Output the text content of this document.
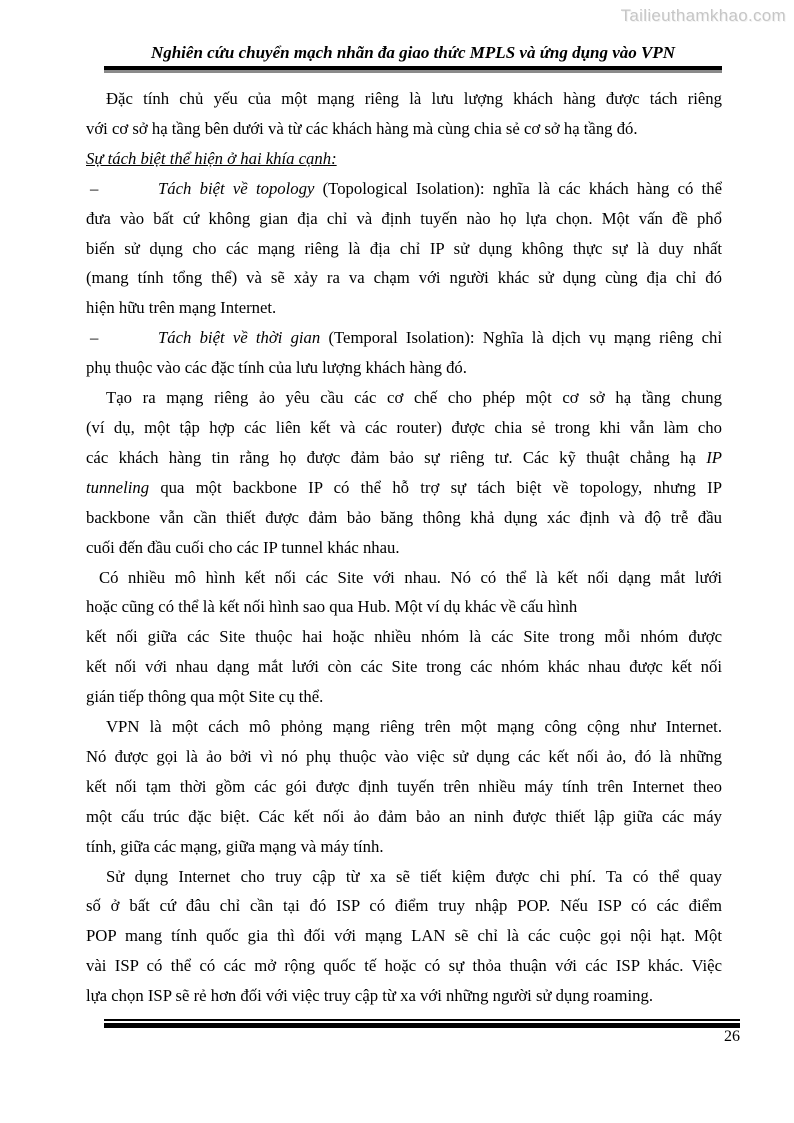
Tailieuthamkhao.com
Nghiên cứu chuyển mạch nhãn đa giao thức MPLS và ứng dụng vào VPN
Đặc tính chủ yếu của một mạng riêng là lưu lượng khách hàng được tách riêng
với cơ sở hạ tầng bên dưới và từ các khách hàng mà cùng chia sẻ cơ sở hạ tầng đó.
Sự tách biệt thể hiện ở hai khía cạnh:
–	Tách biệt về topology (Topological Isolation): nghĩa là các khách hàng có thể
đưa vào bất cứ không gian địa chỉ và định tuyến nào họ lựa chọn. Một vấn đề phổ
biến sử dụng cho các mạng riêng là địa chỉ IP sử dụng không thực sự là duy nhất
(mang tính tổng thể) và sẽ xảy ra va chạm với người khác sử dụng cùng địa chỉ đó
hiện hữu trên mạng Internet.
–	Tách biệt về thời gian (Temporal Isolation): Nghĩa là dịch vụ mạng riêng chỉ
phụ thuộc vào các đặc tính của lưu lượng khách hàng đó.
Tạo ra mạng riêng ảo yêu cầu các cơ chế cho phép một cơ sở hạ tầng chung
(ví dụ, một tập hợp các liên kết và các router) được chia sẻ trong khi vẫn làm cho
các khách hàng tin rằng họ được đảm bảo sự riêng tư. Các kỹ thuật chẳng hạ IP
tunneling qua một backbone IP có thể hỗ trợ sự tách biệt về topology, nhưng IP
backbone vẫn cần thiết được đảm bảo băng thông khả dụng xác định và độ trễ đầu
cuối đến đầu cuối cho các IP tunnel khác nhau.
Có nhiều mô hình kết nối các Site với nhau. Nó có thể là kết nối dạng mắt lưới
hoặc cũng có thể là kết nối hình sao qua Hub. Một ví dụ khác về cấu hình
kết nối giữa các Site thuộc hai hoặc nhiều nhóm là các Site trong mỗi nhóm được
kết nối với nhau dạng mắt lưới còn các Site trong các nhóm khác nhau được kết nối
gián tiếp thông qua một Site cụ thể.
VPN là một cách mô phỏng mạng riêng trên một mạng công cộng như Internet.
Nó được gọi là ảo bởi vì nó phụ thuộc vào việc sử dụng các kết nối ảo, đó là những
kết nối tạm thời gồm các gói được định tuyến trên nhiều máy tính trên Internet theo
một cấu trúc đặc biệt. Các kết nối ảo đảm bảo an ninh được thiết lập giữa các máy
tính, giữa các mạng, giữa mạng và máy tính.
Sử dụng Internet cho truy cập từ xa sẽ tiết kiệm được chi phí. Ta có thể quay
số ở bất cứ đâu chỉ cần tại đó ISP có điểm truy nhập POP. Nếu ISP có các điểm
POP mang tính quốc gia thì đối với mạng LAN sẽ chỉ là các cuộc gọi nội hạt. Một
vài ISP có thể có các mở rộng quốc tế hoặc có sự thỏa thuận với các ISP khác. Việc
lựa chọn ISP sẽ rẻ hơn đối với việc truy cập từ xa với những người sử dụng roaming.
26
